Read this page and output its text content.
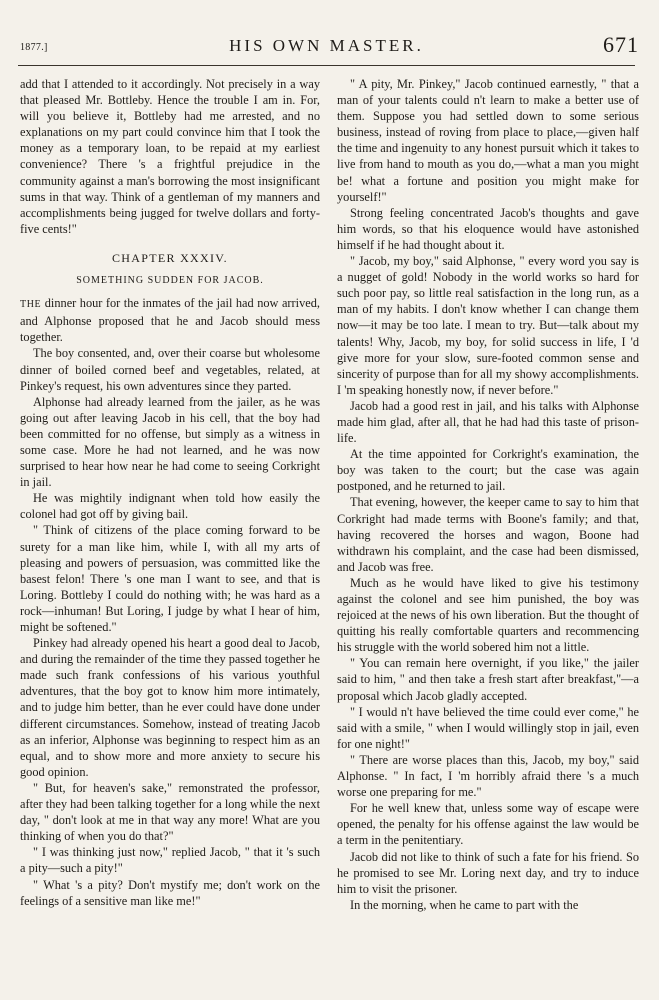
1877.]	HIS OWN MASTER.	671

add that I attended to it accordingly. Not precisely in a way that pleased Mr. Bottleby. Hence the trouble I am in. For, will you believe it, Bottleby had me arrested, and no explanations on my part could convince him that I took the money as a temporary loan, to be repaid at my earliest convenience? There 's a frightful prejudice in the community against a man's borrowing the most insignificant sums in that way. Think of a gentleman of my manners and accomplishments being jugged for twelve dollars and forty-five cents!"

CHAPTER XXXIV.
SOMETHING SUDDEN FOR JACOB.

THE dinner hour for the inmates of the jail had now arrived, and Alphonse proposed that he and Jacob should mess together.

The boy consented, and, over their coarse but wholesome dinner of boiled corned beef and vegetables, related, at Pinkey's request, his own adventures since they parted.

Alphonse had already learned from the jailer, as he was going out after leaving Jacob in his cell, that the boy had been committed for no offense, but simply as a witness in some case. More he had not learned, and he was now surprised to hear how near he had come to seeing Corkright in jail.

He was mightily indignant when told how easily the colonel had got off by giving bail.

" Think of citizens of the place coming forward to be surety for a man like him, while I, with all my arts of pleasing and powers of persuasion, was committed like the basest felon! There 's one man I want to see, and that is Loring. Bottleby I could do nothing with; he was hard as a rock—inhuman! But Loring, I judge by what I hear of him, might be softened."

Pinkey had already opened his heart a good deal to Jacob, and during the remainder of the time they passed together he made such frank confessions of his various youthful adventures, that the boy got to know him more intimately, and to judge him better, than he ever could have done under different circumstances. Somehow, instead of treating Jacob as an inferior, Alphonse was beginning to respect him as an equal, and to show more and more anxiety to secure his good opinion.

" But, for heaven's sake," remonstrated the professor, after they had been talking together for a long while the next day, " don't look at me in that way any more! What are you thinking of when you do that?"

" I was thinking just now," replied Jacob, " that it 's such a pity—such a pity!"

" What 's a pity? Don't mystify me; don't work on the feelings of a sensitive man like me!"

" A pity, Mr. Pinkey," Jacob continued earnestly, " that a man of your talents could n't learn to make a better use of them. Suppose you had settled down to some serious business, instead of roving from place to place,—given half the time and ingenuity to any honest pursuit which it takes to live from hand to mouth as you do,—what a man you might be! what a fortune and position you might make for yourself!"

Strong feeling concentrated Jacob's thoughts and gave him words, so that his eloquence would have astonished himself if he had thought about it.

" Jacob, my boy," said Alphonse, " every word you say is a nugget of gold! Nobody in the world works so hard for such poor pay, so little real satisfaction in the long run, as a man of my habits. I don't know whether I can change them now—it may be too late. I mean to try. But—talk about my talents! Why, Jacob, my boy, for solid success in life, I 'd give more for your slow, sure-footed common sense and sincerity of purpose than for all my showy accomplishments. I 'm speaking honestly now, if never before."

Jacob had a good rest in jail, and his talks with Alphonse made him glad, after all, that he had had this taste of prison-life.

At the time appointed for Corkright's examination, the boy was taken to the court; but the case was again postponed, and he returned to jail.

That evening, however, the keeper came to say to him that Corkright had made terms with Boone's family; and that, having recovered the horses and wagon, Boone had withdrawn his complaint, and the case had been dismissed, and Jacob was free.

Much as he would have liked to give his testimony against the colonel and see him punished, the boy was rejoiced at the news of his own liberation. But the thought of quitting his really comfortable quarters and recommencing his struggle with the world sobered him not a little.

" You can remain here overnight, if you like," the jailer said to him, " and then take a fresh start after breakfast,"—a proposal which Jacob gladly accepted.

" I would n't have believed the time could ever come," he said with a smile, " when I would willingly stop in jail, even for one night!"

" There are worse places than this, Jacob, my boy," said Alphonse. " In fact, I 'm horribly afraid there 's a much worse one preparing for me."

For he well knew that, unless some way of escape were opened, the penalty for his offense against the law would be a term in the penitentiary.

Jacob did not like to think of such a fate for his friend. So he promised to see Mr. Loring next day, and try to induce him to visit the prisoner.

In the morning, when he came to part with the
